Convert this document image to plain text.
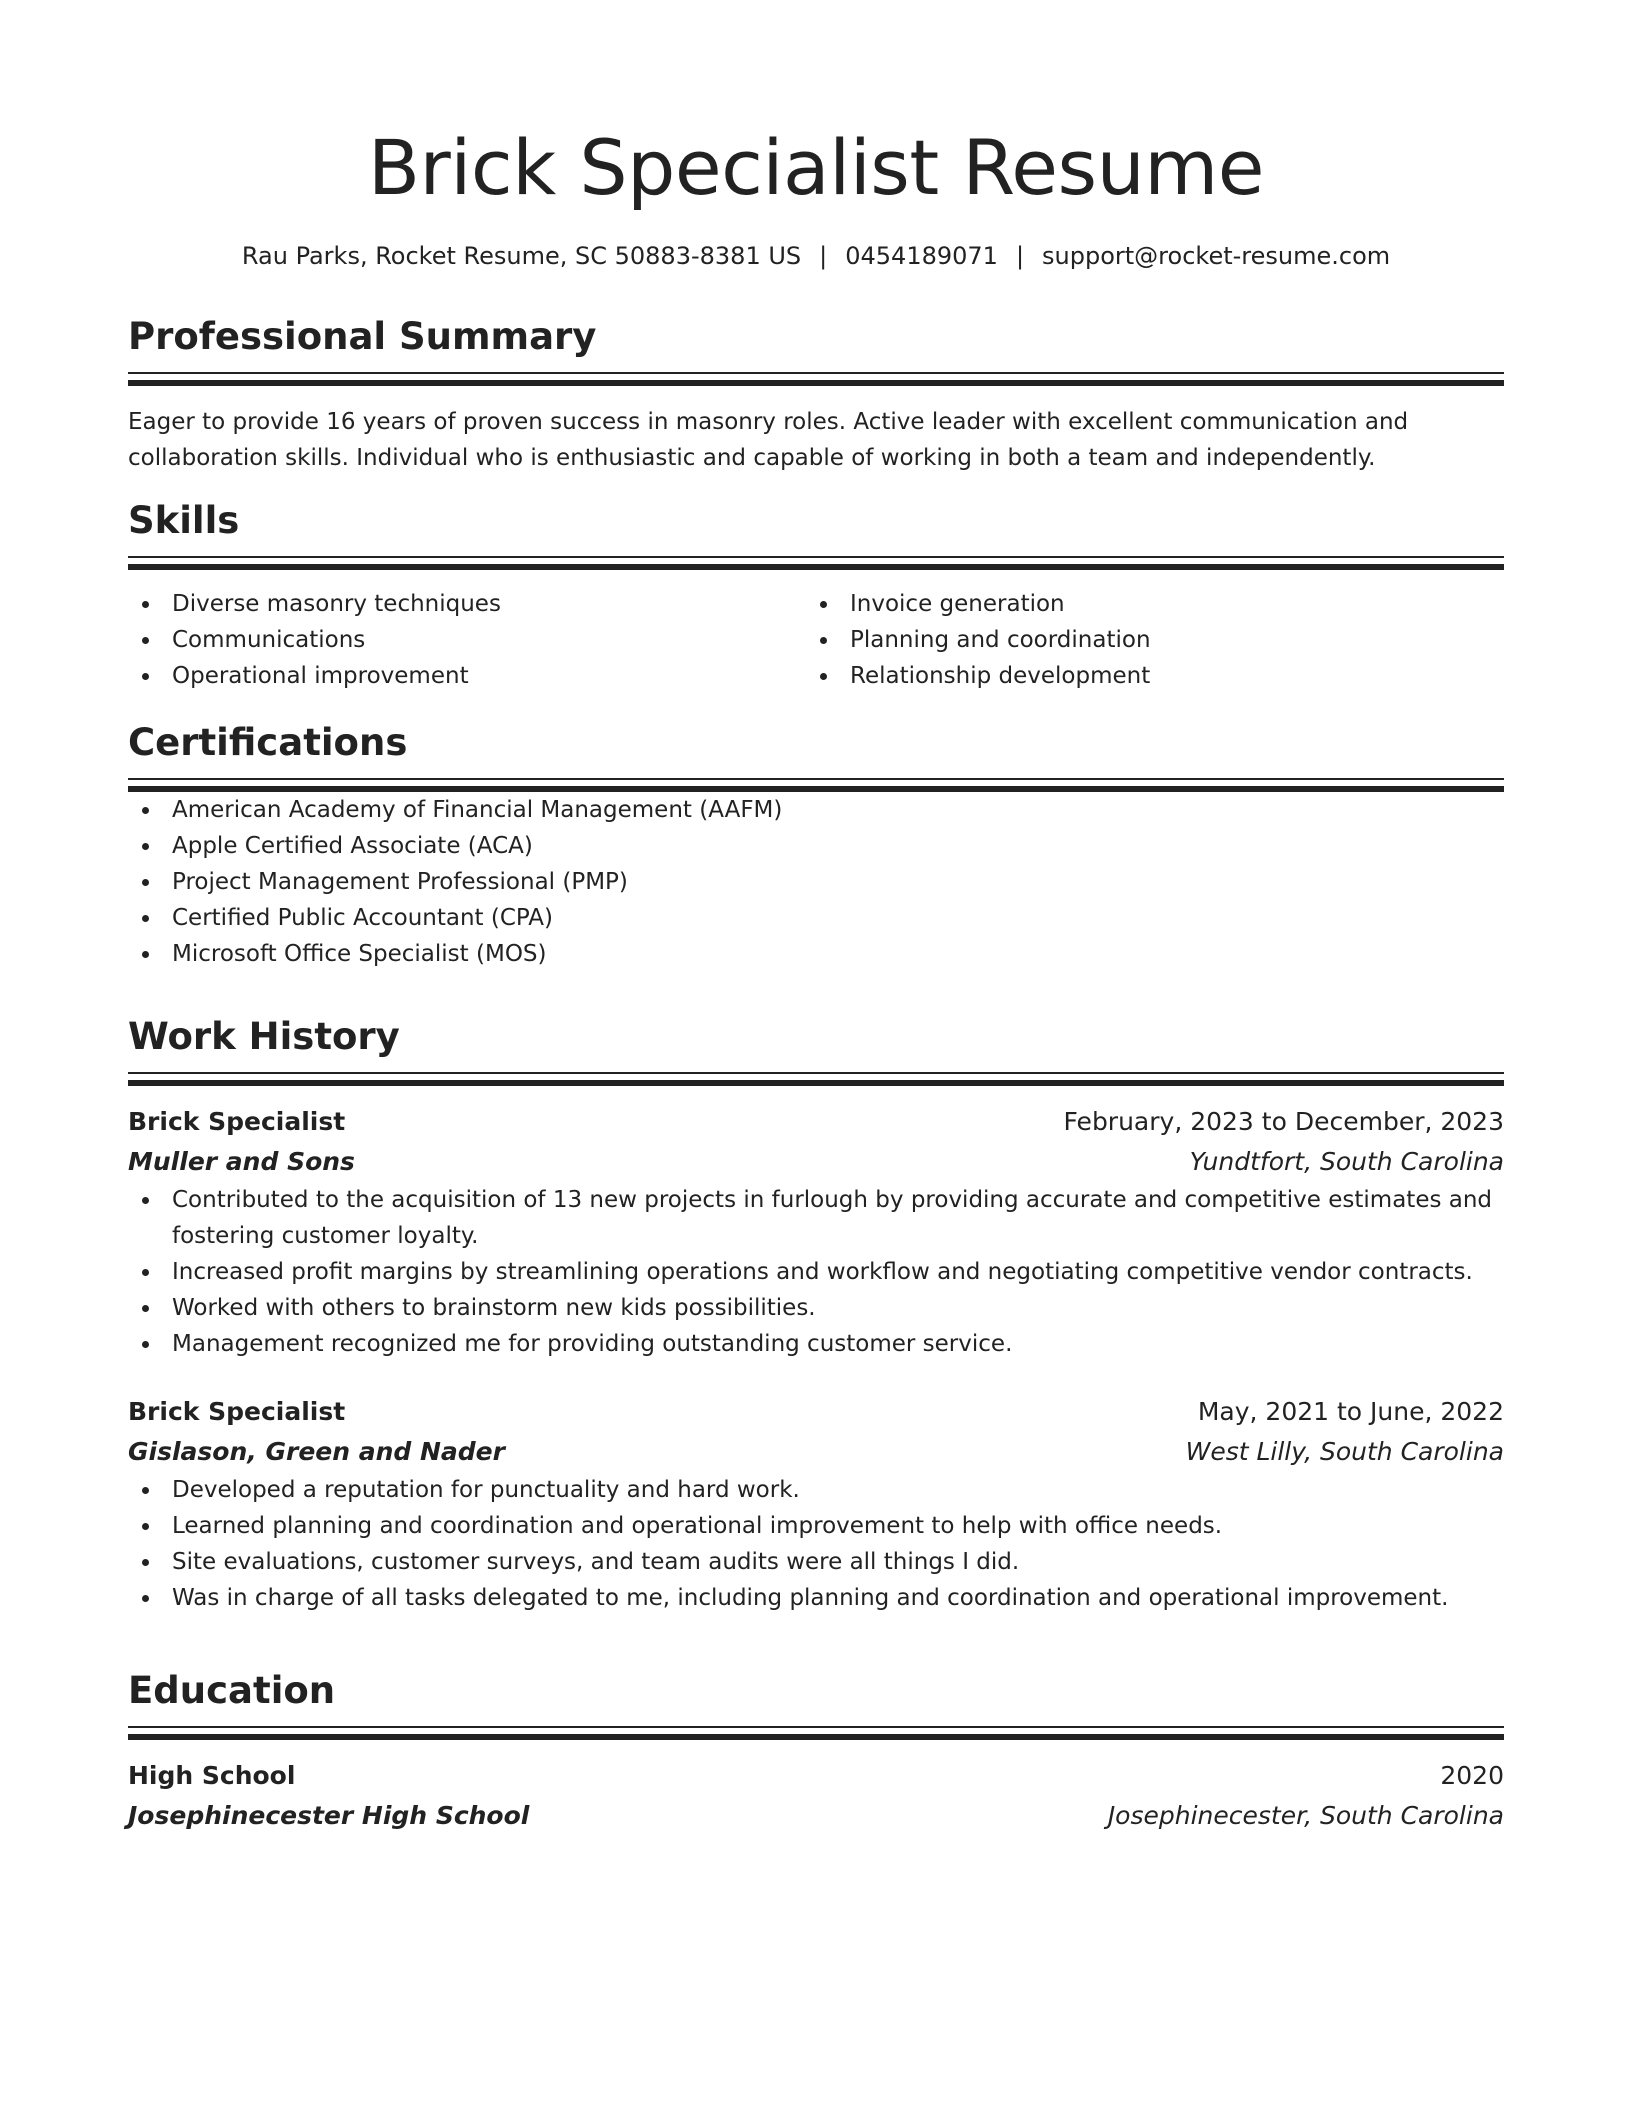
Brick Specialist Resume
Rau Parks, Rocket Resume, SC 50883-8381 US | 0454189071 | support@rocket-resume.com
Professional Summary
Eager to provide 16 years of proven success in masonry roles. Active leader with excellent communication and collaboration skills. Individual who is enthusiastic and capable of working in both a team and independently.
Skills
Diverse masonry techniques
Communications
Operational improvement
Invoice generation
Planning and coordination
Relationship development
Certifications
American Academy of Financial Management (AAFM)
Apple Certified Associate (ACA)
Project Management Professional (PMP)
Certified Public Accountant (CPA)
Microsoft Office Specialist (MOS)
Work History
Brick Specialist	February, 2023 to December, 2023
Muller and Sons	Yundtfort, South Carolina
Contributed to the acquisition of 13 new projects in furlough by providing accurate and competitive estimates and fostering customer loyalty.
Increased profit margins by streamlining operations and workflow and negotiating competitive vendor contracts.
Worked with others to brainstorm new kids possibilities.
Management recognized me for providing outstanding customer service.
Brick Specialist	May, 2021 to June, 2022
Gislason, Green and Nader	West Lilly, South Carolina
Developed a reputation for punctuality and hard work.
Learned planning and coordination and operational improvement to help with office needs.
Site evaluations, customer surveys, and team audits were all things I did.
Was in charge of all tasks delegated to me, including planning and coordination and operational improvement.
Education
High School	2020
Josephinecester High School	Josephinecester, South Carolina
